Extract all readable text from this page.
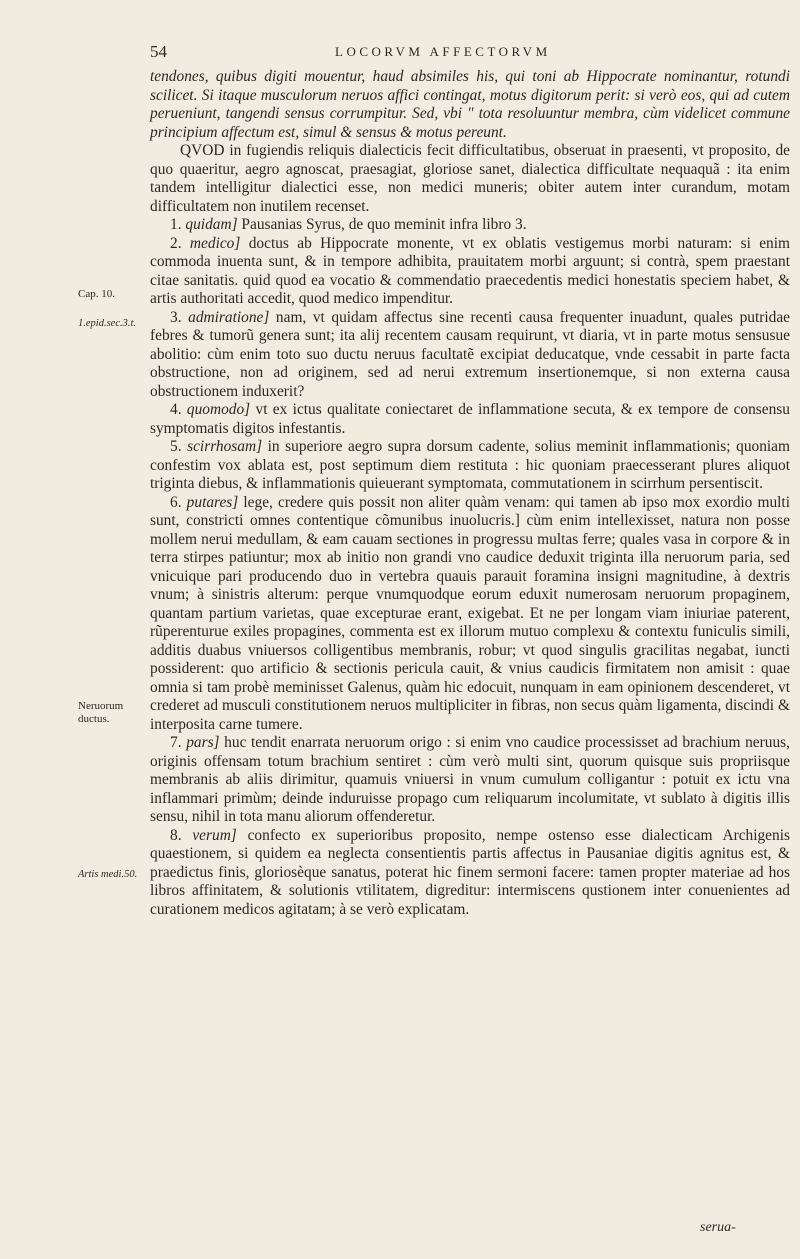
54	LOCORVM AFFECTORVM
Cap. 10.
1.epid.sec.3.t.
Neruorum
ductus.
Artis medi.50.

tendones, quibus digiti mouentur, haud absimiles his, qui toni ab Hippocrate nominantur, rotundi scilicet. Si itaque musculorum neruos affici contingat, motus digitorum perit: si verò eos, qui ad cutem perueniunt, tangendi sensus corrumpitur. Sed, vbi " tota resoluuntur membra, cùm videlicet commune principium affectum est, simul & sensus & motus pereunt.

QVOD in fugiendis reliquis dialecticis fecit difficultatibus, obseruat in praesenti, vt proposito, de quo quaeritur, aegro agnoscat, praesagiat, gloriose sanet, dialectica difficultate nequaquã : ita enim tandem intelligitur dialectici esse, non medici muneris; obiter autem inter curandum, motam difficultatem non inutilem recenset.

1. quidam] Pausanias Syrus, de quo meminit infra libro 3.

2. medico] doctus ab Hippocrate monente, vt ex oblatis vestigemus morbi naturam: si enim commoda inuenta sunt, & in tempore adhibita, prauitatem morbi arguunt; si contrà, spem praestant citae sanitatis. quid quod ea vocatio & commendatio praecedentis medici honestatis speciem habet, & artis authoritati accedit, quod medico impenditur.

3. admiratione] nam, vt quidam affectus sine recenti causa frequenter inuadunt, quales putridae febres & tumorũ genera sunt; ita alij recentem causam requirunt, vt diaria, vt in parte motus sensusue abolitio: cùm enim toto suo ductu neruus facultatẽ excipiat deducatque, vnde cessabit in parte facta obstructione, non ad originem, sed ad nerui extremum insertionemque, si non externa causa obstructionem induxerit?

4. quomodo] vt ex ictus qualitate coniectaret de inflammatione secuta, & ex tempore de consensu symptomatis digitos infestantis.

5. scirrhosam] in superiore aegro supra dorsum cadente, solius meminit inflammationis; quoniam confestim vox ablata est, post septimum diem restituta : hic quoniam praecesserant plures aliquot triginta diebus, & inflammationis quieuerant symptomata, commutationem in scirrhum persentiscit.

6. putares] lege, credere quis possit non aliter quàm venam: qui tamen ab ipso mox exordio multi sunt, constricti omnes contentique cõmunibus inuolucris.] cùm enim intellexisset, natura non posse mollem nerui medullam, & eam cauam sectiones in progressu multas ferre; quales vasa in corpore & in terra stirpes patiuntur; mox ab initio non grandi vno caudice deduxit triginta illa neruorum paria, sed vnicuique pari producendo duo in vertebra quauis parauit foramina insigni magnitudine, à dextris vnum; à sinistris alterum: perque vnumquodque eorum eduxit numerosam neruorum propaginem, quantam partium varietas, quae excepturae erant, exigebat. Et ne per longam viam iniuriae paterent, rũperenturue exiles propagines, commenta est ex illorum mutuo complexu & contextu funiculis simili, additis duabus vniuersos colligentibus membranis, robur; vt quod singulis gracilitas negabat, iuncti possiderent: quo artificio & sectionis pericula cauit, & vnius caudicis firmitatem non amisit : quae omnia si tam probè meminisset Galenus, quàm hic edocuit, nunquam in eam opinionem descenderet, vt crederet ad musculi constitutionem neruos multipliciter in fibras, non secus quàm ligamenta, discindi & interposita carne tumere.

7. pars] huc tendit enarrata neruorum origo : si enim vno caudice processisset ad brachium neruus, originis offensam totum brachium sentiret : cùm verò multi sint, quorum quisque suis propriisque membranis ab aliis dirimitur, quamuis vniuersi in vnum cumulum colligantur : potuit ex ictu vna inflammari primùm; deinde induruisse propago cum reliquarum incolumitate, vt sublato à digitis illis sensu, nihil in tota manu aliorum offenderetur.

8. verum] confecto ex superioribus proposito, nempe ostenso esse dialecticam Archigenis quaestionem, si quidem ea neglecta consentientis partis affectus in Pausaniae digitis agnitus est, & praedictus finis, gloriosèque sanatus, poterat hic finem sermoni facere: tamen propter materiae ad hos libros affinitatem, & solutionis vtilitatem, digreditur: intermiscens qustionem inter conuenientes ad curationem medicos agitatam; à se verò explicatam.

serua-
